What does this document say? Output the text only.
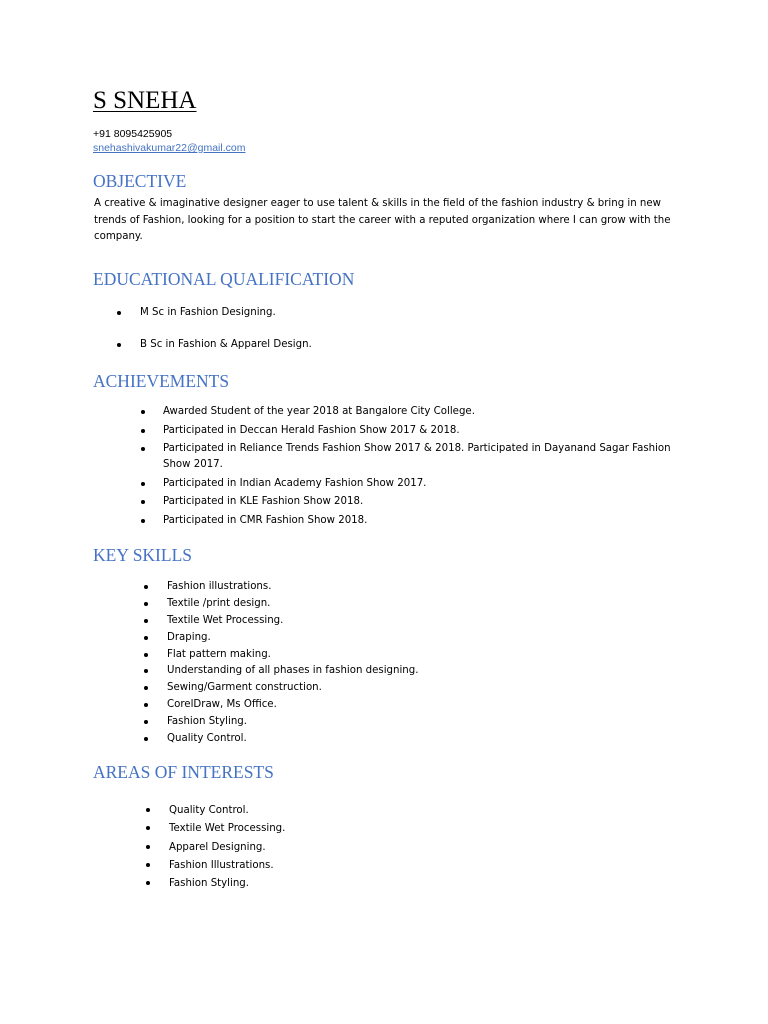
S SNEHA
+91 8095425905
snehashivakumar22@gmail.com
OBJECTIVE
A creative & imaginative designer eager to use talent & skills in the field of the fashion industry & bring in new trends of Fashion, looking for a position to start the career with a reputed organization where I can grow with the company.
EDUCATIONAL QUALIFICATION
M Sc in Fashion Designing.
B Sc in Fashion & Apparel Design.
ACHIEVEMENTS
Awarded Student of the year 2018 at Bangalore City College.
Participated in Deccan Herald Fashion Show 2017 & 2018.
Participated in Reliance Trends Fashion Show 2017 & 2018. Participated in Dayanand Sagar Fashion Show 2017.
Participated in Indian Academy Fashion Show 2017.
Participated in KLE Fashion Show 2018.
Participated in CMR Fashion Show 2018.
KEY SKILLS
Fashion illustrations.
Textile /print design.
Textile Wet Processing.
Draping.
Flat pattern making.
Understanding of all phases in fashion designing.
Sewing/Garment construction.
CorelDraw, Ms Office.
Fashion Styling.
Quality Control.
AREAS OF INTERESTS
Quality Control.
Textile Wet Processing.
Apparel Designing.
Fashion Illustrations.
Fashion Styling.
